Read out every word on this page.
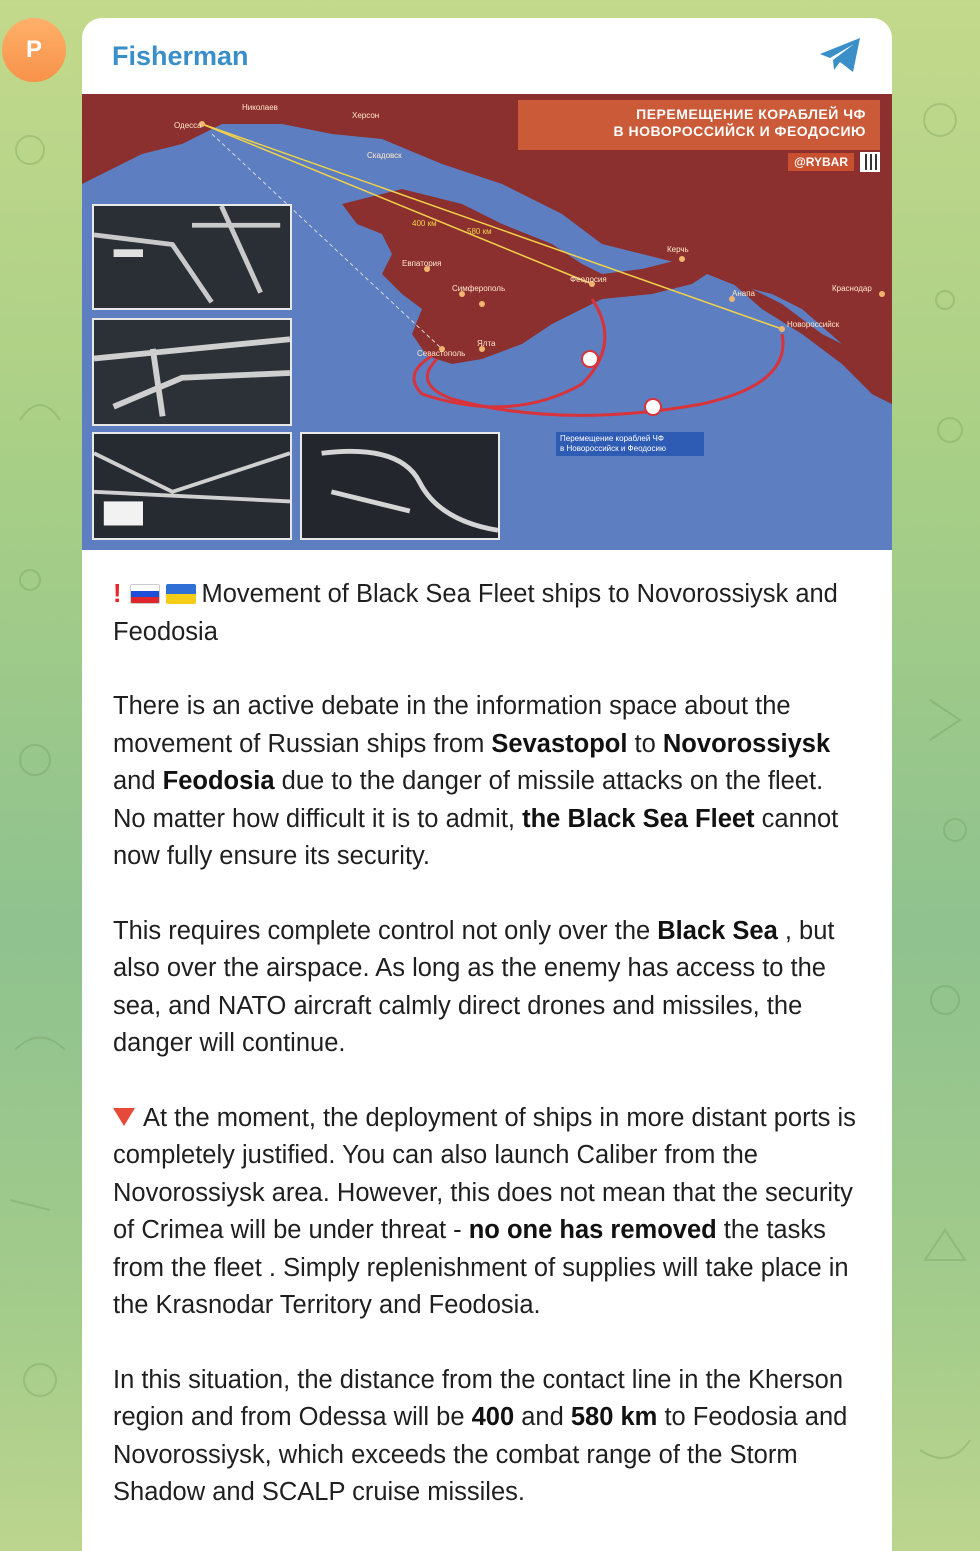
P	Fisherman
400 км
580 км
Одесса
Херсон
Николаев
Скадовск
Евпатория
Симферополь
Севастополь
Ялта
Феодосия
Керчь
Анапа
Новороссийск
Краснодар
ПЕРЕМЕЩЕНИЕ КОРАБЛЕЙ ЧФ
В НОВОРОССИЙСК И ФЕОДОСИЮ
@RYBAR
Перемещение кораблей ЧФ
в Новороссийск и Феодосию

!	Movement of Black Sea Fleet ships to Novorossiysk and Feodosia

There is an active debate in the information space about the movement of Russian ships from Sevastopol to Novorossiysk and Feodosia due to the danger of missile attacks on the fleet. No matter how difficult it is to admit, the Black Sea Fleet cannot now fully ensure its security.

This requires complete control not only over the Black Sea , but also over the airspace. As long as the enemy has access to the sea, and NATO aircraft calmly direct drones and missiles, the danger will continue.

At the moment, the deployment of ships in more distant ports is completely justified. You can also launch Caliber from the Novorossiysk area. However, this does not mean that the security of Crimea will be under threat - no one has removed the tasks from the fleet . Simply replenishment of supplies will take place in the Krasnodar Territory and Feodosia.

In this situation, the distance from the contact line in the Kherson region and from Odessa will be 400 and 580 km to Feodosia and Novorossiysk, which exceeds the combat range of the Storm Shadow and SCALP cruise missiles.
